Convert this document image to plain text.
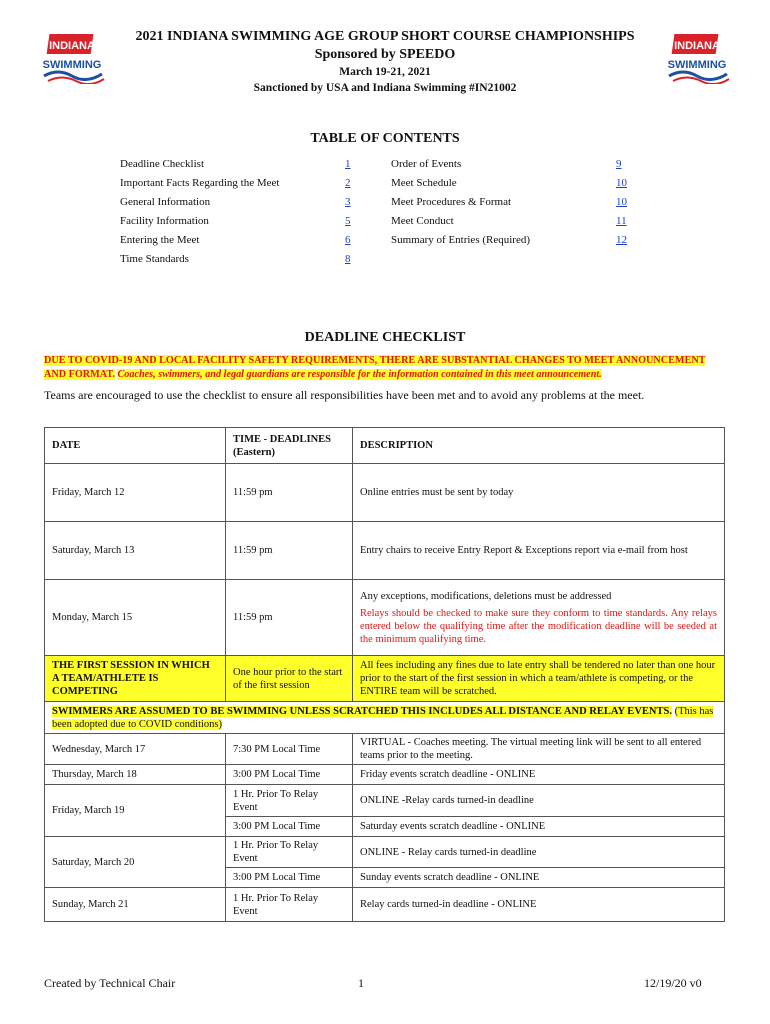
INDIANA
SWIMMING
INDIANA
SWIMMING
2021 INDIANA SWIMMING AGE GROUP SHORT COURSE CHAMPIONSHIPS
Sponsored by SPEEDO
March 19-21, 2021
Sanctioned by USA and Indiana Swimming #IN21002
TABLE OF CONTENTS
Deadline Checklist	1
Important Facts Regarding the Meet	2
General Information	3
Facility Information	5
Entering the Meet	6
Time Standards	8
Order of Events	9
Meet Schedule	10
Meet Procedures & Format	10
Meet Conduct	11
Summary of Entries (Required)	12
DEADLINE CHECKLIST
DUE TO COVID-19 AND LOCAL FACILITY SAFETY REQUIREMENTS, THERE ARE SUBSTANTIAL CHANGES TO MEET ANNOUNCEMENT AND FORMAT. Coaches, swimmers, and legal guardians are responsible for the information contained in this meet announcement.
Teams are encouraged to use the checklist to ensure all responsibilities have been met and to avoid any problems at the meet.
DATE	TIME - DEADLINES (Eastern)	DESCRIPTION
Friday, March 12	11:59 pm	Online entries must be sent by today
Saturday, March 13	11:59 pm	Entry chairs to receive Entry Report & Exceptions report via e-mail from host
Monday, March 15	11:59 pm	Any exceptions, modifications, deletions must be addressed
Relays should be checked to make sure they conform to time standards. Any relays entered below the qualifying time after the modification deadline will be seeded at the minimum qualifying time.

THE FIRST SESSION IN WHICH A TEAM/ATHLETE IS COMPETING	One hour prior to the start of the first session	All fees including any fines due to late entry shall be tendered no later than one hour prior to the start of the first session in which a team/athlete is competing, or the ENTIRE team will be scratched.
SWIMMERS ARE ASSUMED TO BE SWIMMING UNLESS SCRATCHED THIS INCLUDES ALL DISTANCE AND RELAY EVENTS. (This has been adopted due to COVID conditions)		
Wednesday, March 17	7:30 PM Local Time	VIRTUAL - Coaches meeting. The virtual meeting link will be sent to all entered teams prior to the meeting.
Thursday, March 18	3:00 PM Local Time	Friday events scratch deadline - ONLINE
Friday, March 19	1 Hr. Prior To Relay Event	ONLINE -Relay cards turned-in deadline
	3:00 PM Local Time	Saturday events scratch deadline - ONLINE
Saturday, March 20	1 Hr. Prior To Relay Event	ONLINE - Relay cards turned-in deadline
	3:00 PM Local Time	Sunday events scratch deadline - ONLINE
Sunday, March 21	1 Hr. Prior To Relay Event	Relay cards turned-in deadline - ONLINE
Created by Technical Chair	1	12/19/20 v0
